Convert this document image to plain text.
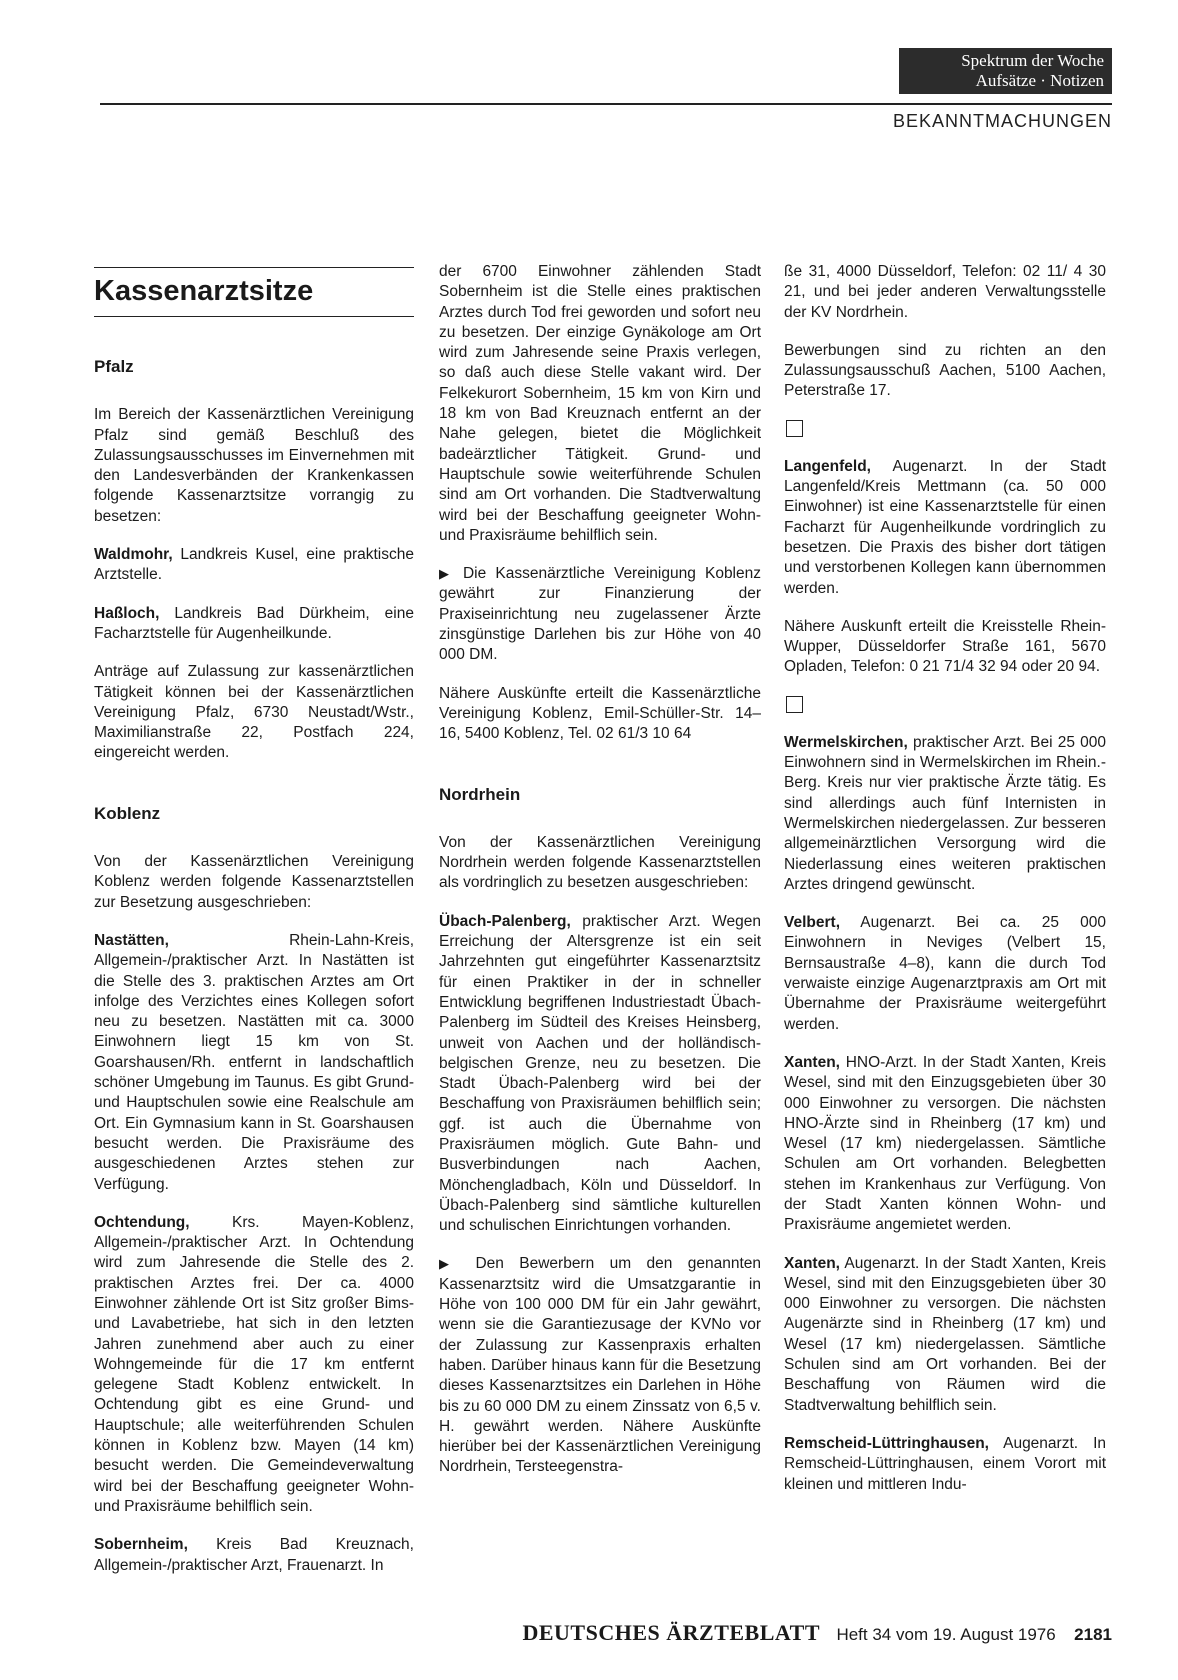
Spektrum der Woche
Aufsätze · Notizen
BEKANNTMACHUNGEN
Kassenarztsitze
Pfalz

Im Bereich der Kassenärztlichen Vereinigung Pfalz sind gemäß Beschluß des Zulassungsausschusses im Einvernehmen mit den Landesverbänden der Krankenkassen folgende Kassenarztsitze vorrangig zu besetzen:

Waldmohr, Landkreis Kusel, eine praktische Arztstelle.

Haßloch, Landkreis Bad Dürkheim, eine Facharztstelle für Augenheilkunde.

Anträge auf Zulassung zur kassenärztlichen Tätigkeit können bei der Kassenärztlichen Vereinigung Pfalz, 6730 Neustadt/Wstr., Maximilianstraße 22, Postfach 224, eingereicht werden.

Koblenz

Von der Kassenärztlichen Vereinigung Koblenz werden folgende Kassenarztstellen zur Besetzung ausgeschrieben:

Nastätten, Rhein-Lahn-Kreis, Allgemein-/praktischer Arzt. In Nastätten ist die Stelle des 3. praktischen Arztes am Ort infolge des Verzichtes eines Kollegen sofort neu zu besetzen. Nastätten mit ca. 3000 Einwohnern liegt 15 km von St. Goarshausen/Rh. entfernt in landschaftlich schöner Umgebung im Taunus. Es gibt Grund- und Hauptschulen sowie eine Realschule am Ort. Ein Gymnasium kann in St. Goarshausen besucht werden. Die Praxisräume des ausgeschiedenen Arztes stehen zur Verfügung.

Ochtendung, Krs. Mayen-Koblenz, Allgemein-/praktischer Arzt. In Ochtendung wird zum Jahresende die Stelle des 2. praktischen Arztes frei. Der ca. 4000 Einwohner zählende Ort ist Sitz großer Bims- und Lavabetriebe, hat sich in den letzten Jahren zunehmend aber auch zu einer Wohngemeinde für die 17 km entfernt gelegene Stadt Koblenz entwickelt. In Ochtendung gibt es eine Grund- und Hauptschule; alle weiterführenden Schulen können in Koblenz bzw. Mayen (14 km) besucht werden. Die Gemeindeverwaltung wird bei der Beschaffung geeigneter Wohn- und Praxisräume behilflich sein.

Sobernheim, Kreis Bad Kreuznach, Allgemein-/praktischer Arzt, Frauenarzt. In

der 6700 Einwohner zählenden Stadt Sobernheim ist die Stelle eines praktischen Arztes durch Tod frei geworden und sofort neu zu besetzen. Der einzige Gynäkologe am Ort wird zum Jahresende seine Praxis verlegen, so daß auch diese Stelle vakant wird. Der Felkekurort Sobernheim, 15 km von Kirn und 18 km von Bad Kreuznach entfernt an der Nahe gelegen, bietet die Möglichkeit badeärztlicher Tätigkeit. Grund- und Hauptschule sowie weiterführende Schulen sind am Ort vorhanden. Die Stadtverwaltung wird bei der Beschaffung geeigneter Wohn- und Praxisräume behilflich sein.

▶ Die Kassenärztliche Vereinigung Koblenz gewährt zur Finanzierung der Praxiseinrichtung neu zugelassener Ärzte zinsgünstige Darlehen bis zur Höhe von 40 000 DM.

Nähere Auskünfte erteilt die Kassenärztliche Vereinigung Koblenz, Emil-Schüller-Str. 14–16, 5400 Koblenz, Tel. 02 61/3 10 64

Nordrhein

Von der Kassenärztlichen Vereinigung Nordrhein werden folgende Kassenarztstellen als vordringlich zu besetzen ausgeschrieben:

Übach-Palenberg, praktischer Arzt. Wegen Erreichung der Altersgrenze ist ein seit Jahrzehnten gut eingeführter Kassenarztsitz für einen Praktiker in der in schneller Entwicklung begriffenen Industriestadt Übach-Palenberg im Südteil des Kreises Heinsberg, unweit von Aachen und der holländisch-belgischen Grenze, neu zu besetzen. Die Stadt Übach-Palenberg wird bei der Beschaffung von Praxisräumen behilflich sein; ggf. ist auch die Übernahme von Praxisräumen möglich. Gute Bahn- und Busverbindungen nach Aachen, Mönchengladbach, Köln und Düsseldorf. In Übach-Palenberg sind sämtliche kulturellen und schulischen Einrichtungen vorhanden.

▶ Den Bewerbern um den genannten Kassenarztsitz wird die Umsatzgarantie in Höhe von 100 000 DM für ein Jahr gewährt, wenn sie die Garantiezusage der KVNo vor der Zulassung zur Kassenpraxis erhalten haben. Darüber hinaus kann für die Besetzung dieses Kassenarztsitzes ein Darlehen in Höhe bis zu 60 000 DM zu einem Zinssatz von 6,5 v. H. gewährt werden. Nähere Auskünfte hierüber bei der Kassenärztlichen Vereinigung Nordrhein, Tersteegenstra-

ße 31, 4000 Düsseldorf, Telefon: 02 11/ 4 30 21, und bei jeder anderen Verwaltungsstelle der KV Nordrhein.

Bewerbungen sind zu richten an den Zulassungsausschuß Aachen, 5100 Aachen, Peterstraße 17.

Langenfeld, Augenarzt. In der Stadt Langenfeld/Kreis Mettmann (ca. 50 000 Einwohner) ist eine Kassenarztstelle für einen Facharzt für Augenheilkunde vordringlich zu besetzen. Die Praxis des bisher dort tätigen und verstorbenen Kollegen kann übernommen werden.

Nähere Auskunft erteilt die Kreisstelle Rhein-Wupper, Düsseldorfer Straße 161, 5670 Opladen, Telefon: 0 21 71/4 32 94 oder 20 94.

Wermelskirchen, praktischer Arzt. Bei 25 000 Einwohnern sind in Wermelskirchen im Rhein.-Berg. Kreis nur vier praktische Ärzte tätig. Es sind allerdings auch fünf Internisten in Wermelskirchen niedergelassen. Zur besseren allgemeinärztlichen Versorgung wird die Niederlassung eines weiteren praktischen Arztes dringend gewünscht.

Velbert, Augenarzt. Bei ca. 25 000 Einwohnern in Neviges (Velbert 15, Bernsaustraße 4–8), kann die durch Tod verwaiste einzige Augenarztpraxis am Ort mit Übernahme der Praxisräume weitergeführt werden.

Xanten, HNO-Arzt. In der Stadt Xanten, Kreis Wesel, sind mit den Einzugsgebieten über 30 000 Einwohner zu versorgen. Die nächsten HNO-Ärzte sind in Rheinberg (17 km) und Wesel (17 km) niedergelassen. Sämtliche Schulen am Ort vorhanden. Belegbetten stehen im Krankenhaus zur Verfügung. Von der Stadt Xanten können Wohn- und Praxisräume angemietet werden.

Xanten, Augenarzt. In der Stadt Xanten, Kreis Wesel, sind mit den Einzugsgebieten über 30 000 Einwohner zu versorgen. Die nächsten Augenärzte sind in Rheinberg (17 km) und Wesel (17 km) niedergelassen. Sämtliche Schulen sind am Ort vorhanden. Bei der Beschaffung von Räumen wird die Stadtverwaltung behilflich sein.

Remscheid-Lüttringhausen, Augenarzt. In Remscheid-Lüttringhausen, einem Vorort mit kleinen und mittleren Indu-

DEUTSCHES ÄRZTEBLATT Heft 34 vom 19. August 1976 2181
